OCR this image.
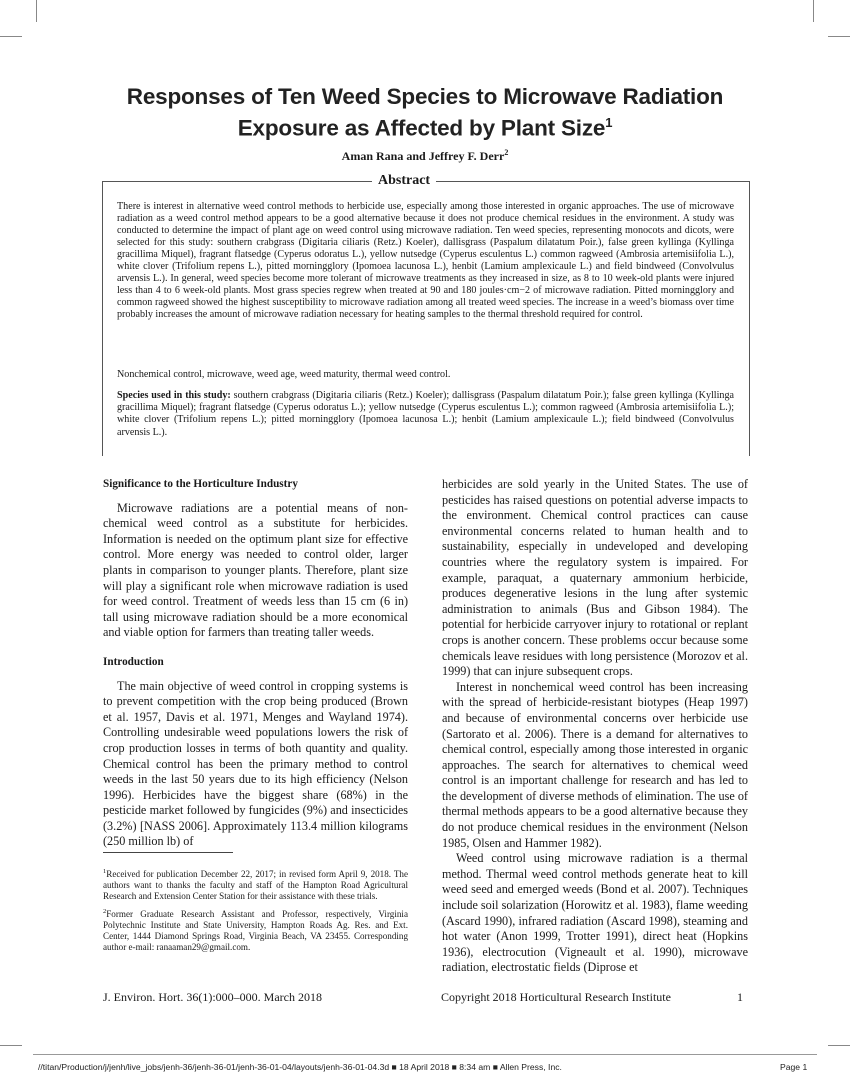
Responses of Ten Weed Species to Microwave Radiation
Exposure as Affected by Plant Size$^1$
Aman Rana and Jeffrey F. Derr$^2$
Abstract

There is interest in alternative weed control methods to herbicide use, especially among those interested in organic approaches. The use of microwave radiation as a weed control method appears to be a good alternative because it does not produce chemical residues in the environment. A study was conducted to determine the impact of plant age on weed control using microwave radiation. Ten weed species, representing monocots and dicots, were selected for this study: southern crabgrass (Digitaria ciliaris (Retz.) Koeler), dallisgrass (Paspalum dilatatum Poir.), false green kyllinga (Kyllinga gracillima Miquel), fragrant flatsedge (Cyperus odoratus L.), yellow nutsedge (Cyperus esculentus L.) common ragweed (Ambrosia artemisiifolia L.), white clover (Trifolium repens L.), pitted morningglory (Ipomoea lacunosa L.), henbit (Lamium amplexicaule L.) and field bindweed (Convolvulus arvensis L.). In general, weed species become more tolerant of microwave treatments as they increased in size, as 8 to 10 week-old plants were injured less than 4 to 6 week-old plants. Most grass species regrew when treated at 90 and 180 joules·cm−2 of microwave radiation. Pitted morningglory and common ragweed showed the highest susceptibility to microwave radiation among all treated weed species. The increase in a weed’s biomass over time probably increases the amount of microwave radiation necessary for heating samples to the thermal threshold required for control.

Nonchemical control, microwave, weed age, weed maturity, thermal weed control.
Species used in this study: southern crabgrass (Digitaria ciliaris (Retz.) Koeler); dallisgrass (Paspalum dilatatum Poir.); false green kyllinga (Kyllinga gracillima Miquel); fragrant flatsedge (Cyperus odoratus L.); yellow nutsedge (Cyperus esculentus L.); common ragweed (Ambrosia artemisiifolia L.); white clover (Trifolium repens L.); pitted morningglory (Ipomoea lacunosa L.); henbit (Lamium amplexicaule L.); field bindweed (Convolvulus arvensis L.).
Significance to the Horticulture Industry

Microwave radiations are a potential means of non-chemical weed control as a substitute for herbicides. Information is needed on the optimum plant size for effective control. More energy was needed to control older, larger plants in comparison to younger plants. Therefore, plant size will play a significant role when microwave radiation is used for weed control. Treatment of weeds less than 15 cm (6 in) tall using microwave radiation should be a more economical and viable option for farmers than treating taller weeds.

Introduction

The main objective of weed control in cropping systems is to prevent competition with the crop being produced (Brown et al. 1957, Davis et al. 1971, Menges and Wayland 1974). Controlling undesirable weed populations lowers the risk of crop production losses in terms of both quantity and quality. Chemical control has been the primary method to control weeds in the last 50 years due to its high efficiency (Nelson 1996). Herbicides have the biggest share (68%) in the pesticide market followed by fungicides (9%) and insecticides (3.2%) [NASS 2006]. Approximately 113.4 million kilograms (250 million lb) of

$^1$Received for publication December 22, 2017; in revised form April 9, 2018. The authors want to thanks the faculty and staff of the Hampton Road Agricultural Research and Extension Center Station for their assistance with these trials.

$^2$Former Graduate Research Assistant and Professor, respectively, Virginia Polytechnic Institute and State University, Hampton Roads Ag. Res. and Ext. Center, 1444 Diamond Springs Road, Virginia Beach, VA 23455. Corresponding author e-mail: ranaaman29@gmail.com.

herbicides are sold yearly in the United States. The use of pesticides has raised questions on potential adverse impacts to the environment. Chemical control practices can cause environmental concerns related to human health and to sustainability, especially in undeveloped and developing countries where the regulatory system is impaired. For example, paraquat, a quaternary ammonium herbicide, produces degenerative lesions in the lung after systemic administration to animals (Bus and Gibson 1984). The potential for herbicide carryover injury to rotational or replant crops is another concern. These problems occur because some chemicals leave residues with long persistence (Morozov et al. 1999) that can injure subsequent crops.

Interest in nonchemical weed control has been increasing with the spread of herbicide-resistant biotypes (Heap 1997) and because of environmental concerns over herbicide use (Sartorato et al. 2006). There is a demand for alternatives to chemical control, especially among those interested in organic approaches. The search for alternatives to chemical weed control is an important challenge for research and has led to the development of diverse methods of elimination. The use of thermal methods appears to be a good alternative because they do not produce chemical residues in the environment (Nelson 1985, Olsen and Hammer 1982).

Weed control using microwave radiation is a thermal method. Thermal weed control methods generate heat to kill weed seed and emerged weeds (Bond et al. 2007). Techniques include soil solarization (Horowitz et al. 1983), flame weeding (Ascard 1990), infrared radiation (Ascard 1998), steaming and hot water (Anon 1999, Trotter 1991), direct heat (Hopkins 1936), electrocution (Vigneault et al. 1990), microwave radiation, electrostatic fields (Diprose et

J. Environ. Hort. 36(1):000–000. March 2018	Copyright 2018 Horticultural Research Institute	1
//titan/Production/j/jenh/live_jobs/jenh-36/jenh-36-01/jenh-36-01-04/layouts/jenh-36-01-04.3d ■ 18 April 2018 ■ 8:34 am ■ Allen Press, Inc.	Page 1
